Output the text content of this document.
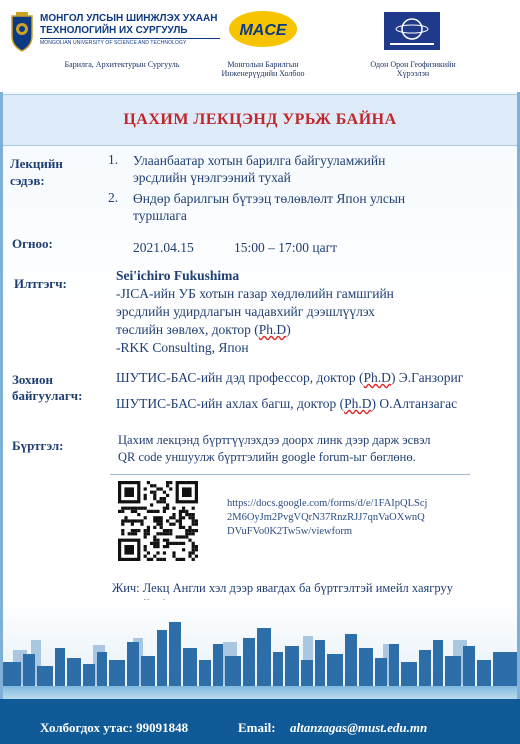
МОНГОЛ УЛСЫН ШИНЖЛЭХ УХААН ТЕХНОЛОГИЙН ИХ СУРГУУЛЬ
MONGOLIAN UNIVERSITY OF SCIENCE AND TECHNOLOGY
Барилга, Архитектурын Сургууль
MACE
Монголын Барилгын Инженерүүдийн Холбоо
Одон Орон Геофизикийн Хүрээлэн
ЦАХИМ ЛЕКЦЭНД УРЬЖ БАЙНА
Лекцийн сэдэв:
1. Улаанбаатар хотын барилга байгууламжийн
эрсдлийн үнэлгээний тухай
2. Өндөр барилгын бүтээц төлөвлөлт Япон улсын
туршлага
Огноо:	2021.04.15	15:00 – 17:00 цагт
Илтгэгч:
Sei'ichiro Fukushima
-JICA-ийн УБ хотын газар хөдлөлийн гамшгийн
эрсдлийн удирдлагын чадавхийг дээшлүүлэх
төслийн зөвлөх, доктор (Ph.D)
-RKK Consulting, Япон
Зохион
байгуулагч:
ШУТИС-БАС-ийн дэд профессор, доктор (Ph.D) Э.Ганзориг
ШУТИС-БАС-ийн ахлах багш, доктор (Ph.D) О.Алтанзагас
Бүртгэл:	Цахим лекцэнд бүртгүүлэхдээ доорх линк дээр дарж эсвэл
QR code уншуулж бүртгэлийн google forum-ыг бөглөнө.
https://docs.google.com/forms/d/e/1FAIpQLScj
2M6OyJm2PvgVQrN37RnzRJJ7qnVaOXwnQ
DVuFVo0K2Tw5w/viewform
Жич: Лекц Англи хэл дээр явагдах ба бүртгэлтэй имейл хаягруу
Холбогдох утас: 99091848	Email: altanzagas@must.edu.mn
